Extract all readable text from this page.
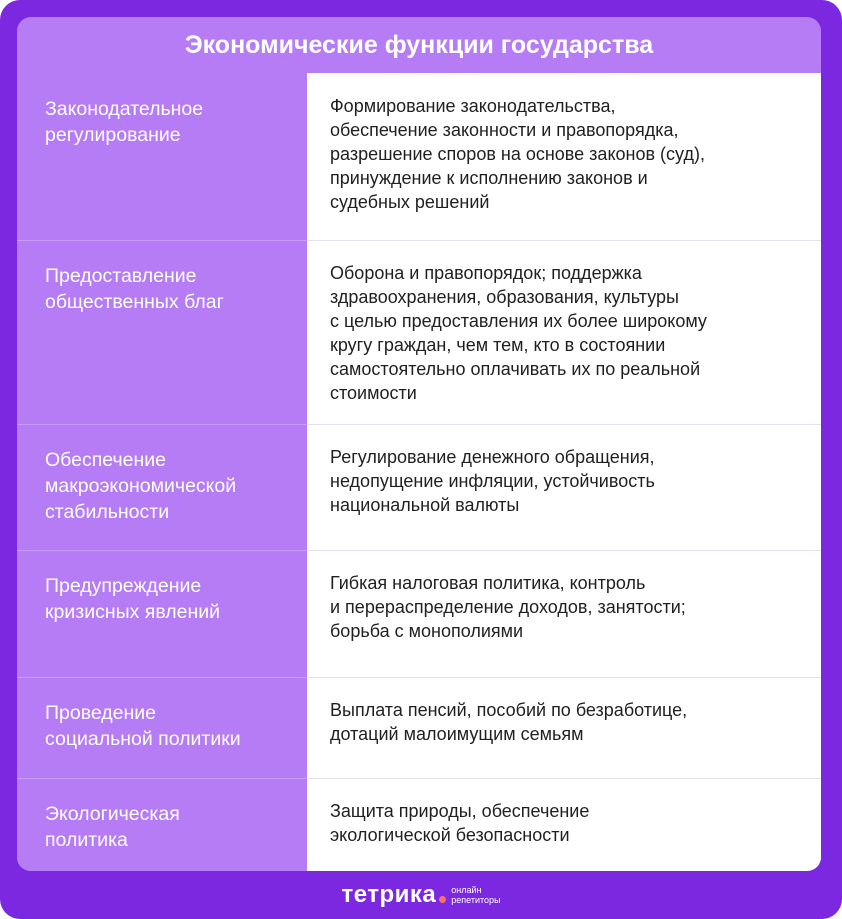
Экономические функции государства
Законодательное
регулирование
Формирование законодательства,
обеспечение законности и правопорядка,
разрешение споров на основе законов (суд),
принуждение к исполнению законов и
судебных решений
Предоставление
общественных благ
Оборона и правопорядок; поддержка
здравоохранения, образования, культуры
с целью предоставления их более широкому
кругу граждан, чем тем, кто в состоянии
самостоятельно оплачивать их по реальной
стоимости
Обеспечение
макроэкономической
стабильности
Регулирование денежного обращения,
недопущение инфляции, устойчивость
национальной валюты
Предупреждение
кризисных явлений
Гибкая налоговая политика, контроль
и перераспределение доходов, занятости;
борьба с монополиями
Проведение
социальной политики
Выплата пенсий, пособий по безработице,
дотаций малоимущим семьям
Экологическая
политика
Защита природы, обеспечение
экологической безопасности
тетрика онлайн
репетиторы
